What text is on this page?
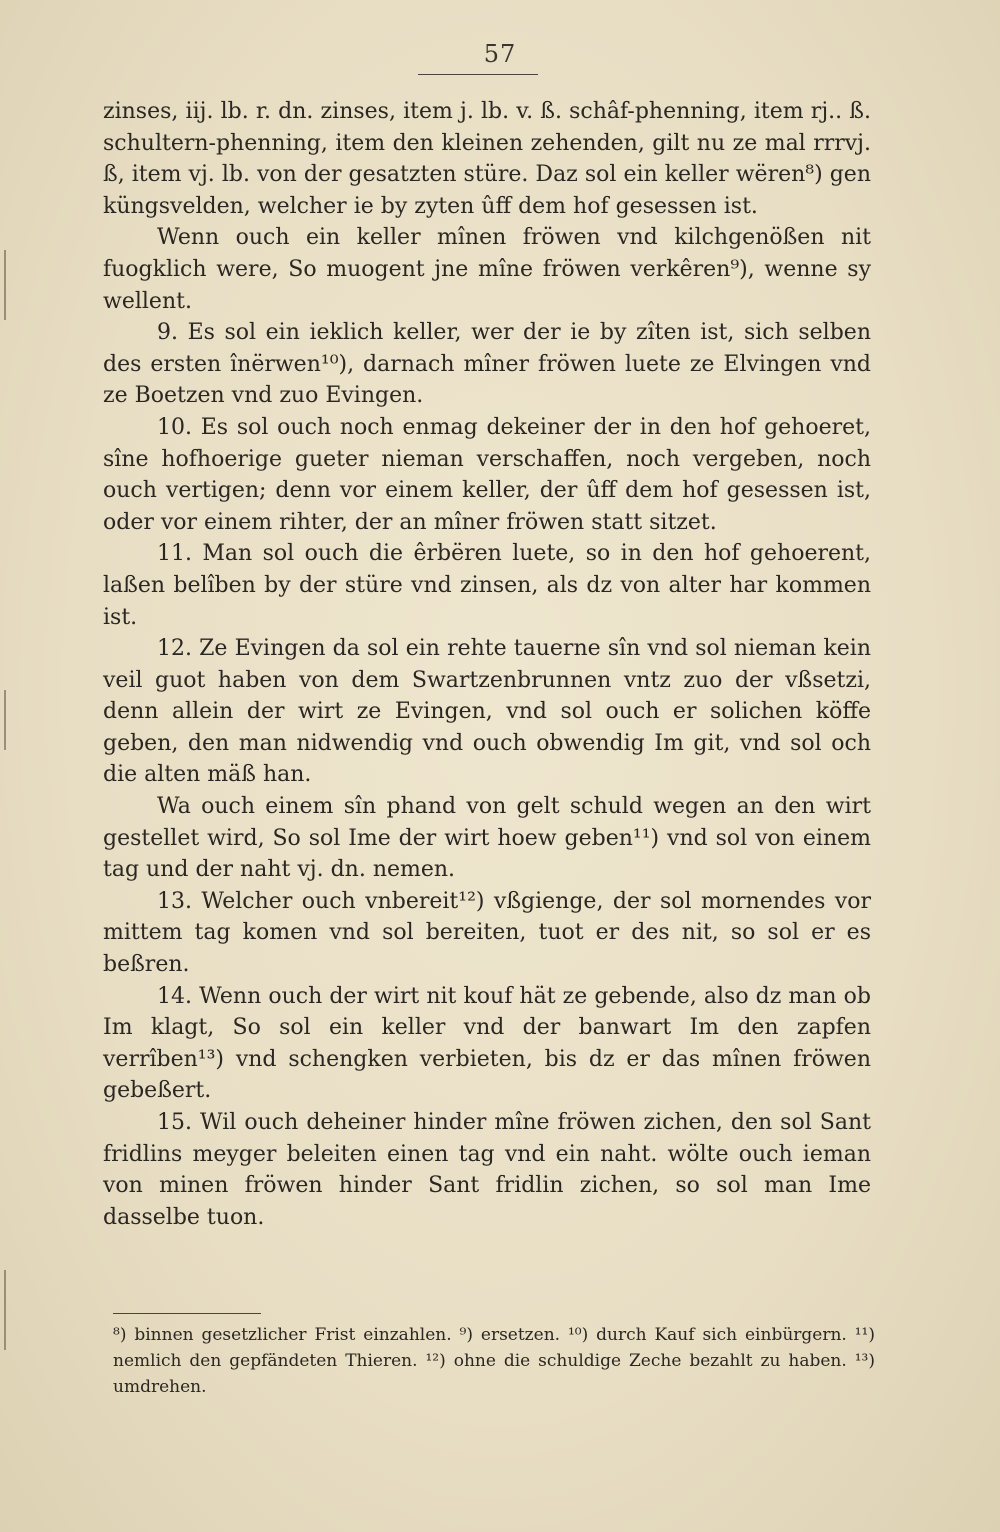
57

zinses, iij. lb. r. dn. zinses, item j. lb. v. ß. schâf-phenning, item rj.. ß. schultern-phenning, item den kleinen zehenden, gilt nu ze mal rrrvj. ß, item vj. lb. von der gesatzten stüre. Daz sol ein keller wëren⁸) gen küngsvelden, welcher ie by zyten ûff dem hof gesessen ist.

Wenn ouch ein keller mînen fröwen vnd kilchgenößen nit fuogklich were, So muogent jne mîne fröwen verkêren⁹), wenne sy wellent.

9. Es sol ein ieklich keller, wer der ie by zîten ist, sich selben des ersten înërwen¹⁰), darnach mîner fröwen luete ze Elvingen vnd ze Boetzen vnd zuo Evingen.

10. Es sol ouch noch enmag dekeiner der in den hof gehoeret, sîne hofhoerige gueter nieman verschaffen, noch vergeben, noch ouch vertigen; denn vor einem keller, der ûff dem hof gesessen ist, oder vor einem rihter, der an mîner fröwen statt sitzet.

11. Man sol ouch die êrbëren luete, so in den hof gehoerent, laßen belîben by der stüre vnd zinsen, als dz von alter har kommen ist.

12. Ze Evingen da sol ein rehte tauerne sîn vnd sol nieman kein veil guot haben von dem Swartzenbrunnen vntz zuo der vßsetzi, denn allein der wirt ze Evingen, vnd sol ouch er solichen köffe geben, den man nidwendig vnd ouch obwendig Im git, vnd sol och die alten mäß han.

Wa ouch einem sîn phand von gelt schuld wegen an den wirt gestellet wird, So sol Ime der wirt hoew geben¹¹) vnd sol von einem tag und der naht vj. dn. nemen.

13. Welcher ouch vnbereit¹²) vßgienge, der sol mornendes vor mittem tag komen vnd sol bereiten, tuot er des nit, so sol er es beßren.

14. Wenn ouch der wirt nit kouf hät ze gebende, also dz man ob Im klagt, So sol ein keller vnd der banwart Im den zapfen verrîben¹³) vnd schengken verbieten, bis dz er das mînen fröwen gebeßert.

15. Wil ouch deheiner hinder mîne fröwen zichen, den sol Sant fridlins meyger beleiten einen tag vnd ein naht. wölte ouch ieman von minen fröwen hinder Sant fridlin zichen, so sol man Ime dasselbe tuon.

⁸) binnen gesetzlicher Frist einzahlen. ⁹) ersetzen. ¹⁰) durch Kauf sich einbürgern. ¹¹) nemlich den gepfändeten Thieren. ¹²) ohne die schuldige Zeche bezahlt zu haben. ¹³) umdrehen.
